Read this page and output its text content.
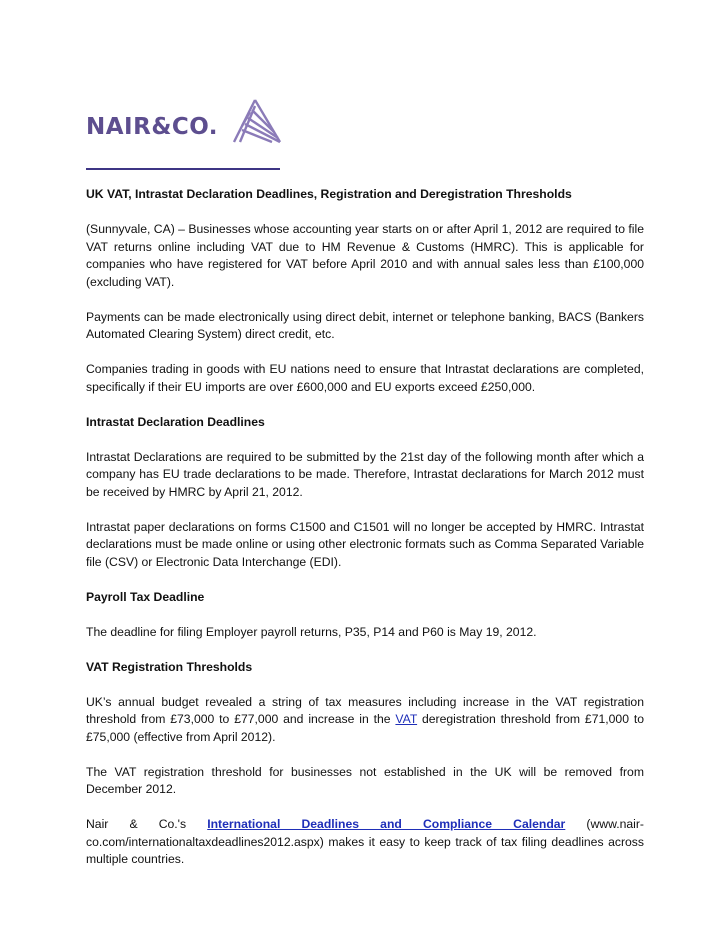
NAIR&CO.

UK VAT, Intrastat Declaration Deadlines, Registration and Deregistration Thresholds

(Sunnyvale, CA) – Businesses whose accounting year starts on or after April 1, 2012 are required to file VAT returns online including VAT due to HM Revenue & Customs (HMRC). This is applicable for companies who have registered for VAT before April 2010 and with annual sales less than £100,000 (excluding VAT).

Payments can be made electronically using direct debit, internet or telephone banking, BACS (Bankers Automated Clearing System) direct credit, etc.

Companies trading in goods with EU nations need to ensure that Intrastat declarations are completed, specifically if their EU imports are over £600,000 and EU exports exceed £250,000.

Intrastat Declaration Deadlines

Intrastat Declarations are required to be submitted by the 21st day of the following month after which a company has EU trade declarations to be made. Therefore, Intrastat declarations for March 2012 must be received by HMRC by April 21, 2012.

Intrastat paper declarations on forms C1500 and C1501 will no longer be accepted by HMRC. Intrastat declarations must be made online or using other electronic formats such as Comma Separated Variable file (CSV) or Electronic Data Interchange (EDI).

Payroll Tax Deadline

The deadline for filing Employer payroll returns, P35, P14 and P60 is May 19, 2012.

VAT Registration Thresholds

UK’s annual budget revealed a string of tax measures including increase in the VAT registration threshold from £73,000 to £77,000 and increase in the VAT deregistration threshold from £71,000 to £75,000 (effective from April 2012).

The VAT registration threshold for businesses not established in the UK will be removed from December 2012.

Nair & Co.'s International Deadlines and Compliance Calendar (www.nair-co.com/internationaltaxdeadlines2012.aspx) makes it easy to keep track of tax filing deadlines across multiple countries.
